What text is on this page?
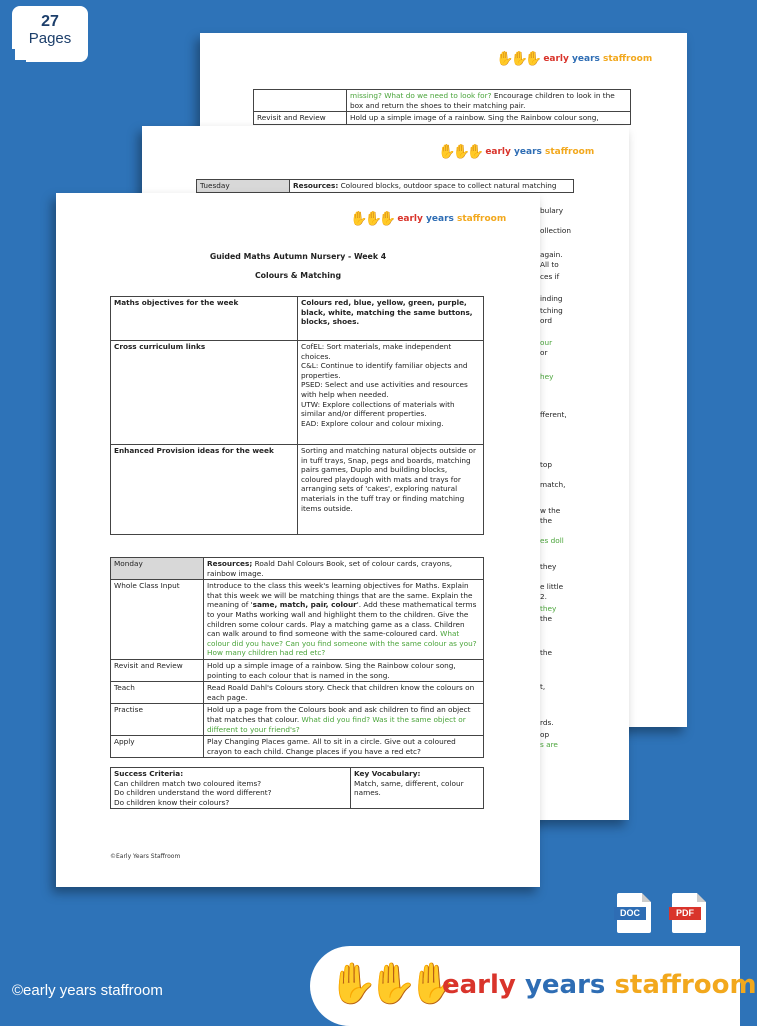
27
Pages
✋✋✋ early years staffroom
	missing? What do we need to look for? Encourage children to look in the box and return the shoes to their matching pair.
Revisit and Review	Hold up a simple image of a rainbow. Sing the Rainbow colour song,
✋✋✋ early years staffroom
Tuesday	Resources: Coloured blocks, outdoor space to collect natural matching
bulary
ollection
again.
All to
ces if
inding
tching
ord
our
or
hey
fferent,
top
match,
w the
the
es doll
they
e little
2.
they
the
the
t,
rds.
op
s are
✋✋✋ early years staffroom
Guided Maths Autumn Nursery - Week 4
Colours & Matching
Maths objectives for the week	Colours red, blue, yellow, green, purple, black, white, matching the same buttons, blocks, shoes.
Cross curriculum links	CofEL: Sort materials, make independent choices.
C&L: Continue to identify familiar objects and properties.
PSED: Select and use activities and resources with help when needed.
UTW: Explore collections of materials with similar and/or different properties.
EAD: Explore colour and colour mixing.

Enhanced Provision ideas for the week	Sorting and matching natural objects outside or in tuff trays, Snap, pegs and boards, matching pairs games, Duplo and building blocks, coloured playdough with mats and trays for arranging sets of 'cakes', exploring natural materials in the tuff tray or finding matching items outside.
Monday	Resources; Roald Dahl Colours Book, set of colour cards, crayons, rainbow image.
Whole Class Input	Introduce to the class this week's learning objectives for Maths. Explain that this week we will be matching things that are the same. Explain the meaning of 'same, match, pair, colour'. Add these mathematical terms to your Maths working wall and highlight them to the children. Give the children some colour cards. Play a matching game as a class. Children can walk around to find someone with the same-coloured card. What colour did you have? Can you find someone with the same colour as you? How many children had red etc?
Revisit and Review	Hold up a simple image of a rainbow. Sing the Rainbow colour song, pointing to each colour that is named in the song.
Teach	Read Roald Dahl's Colours story. Check that children know the colours on each page.
Practise	Hold up a page from the Colours book and ask children to find an object that matches that colour. What did you find? Was it the same object or different to your friend's?
Apply	Play Changing Places game. All to sit in a circle. Give out a coloured crayon to each child. Change places if you have a red etc?
Success Criteria:
Can children match two coloured items?
Do children understand the word different?
Do children know their colours?
	Key Vocabulary:
Match, same, different, colour names.
©Early Years Staffroom
DOC	PDF
✋✋✋
early years staffroom
©early years staffroom
